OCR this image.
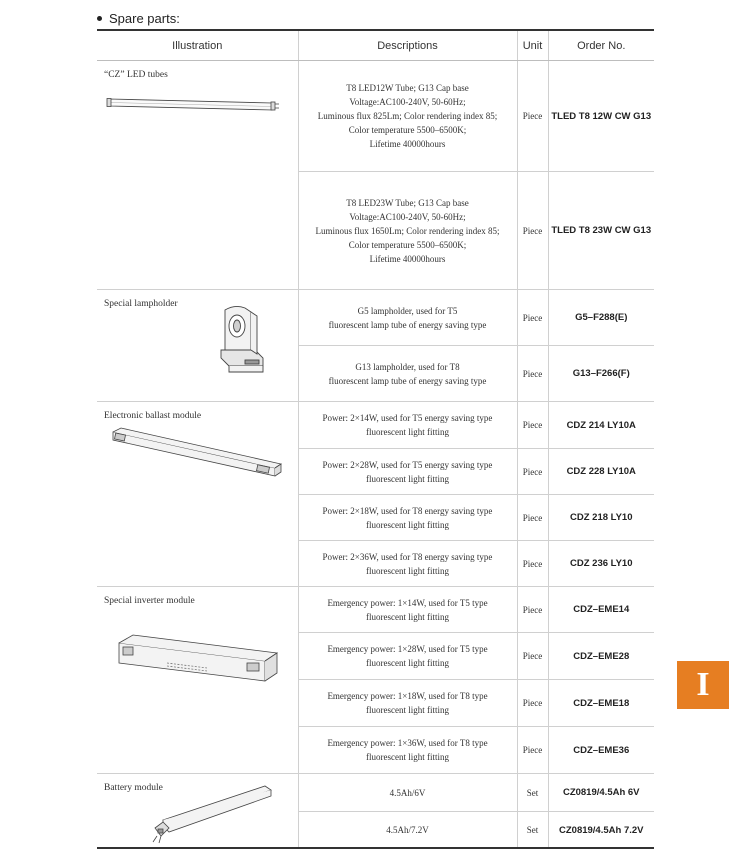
Spare parts:
Illustration	Descriptions	Unit	Order No.

“CZ” LED tubes	T8 LED12W Tube; G13 Cap base
Voltage:AC100-240V, 50-60Hz;
Luminous flux 825Lm; Color rendering index 85;
Color temperature 5500–6500K;
Lifetime 40000hours	Piece	TLED T8 12W CW G13
	T8 LED23W Tube; G13 Cap base
Voltage:AC100-240V, 50-60Hz;
Luminous flux 1650Lm; Color rendering index 85;
Color temperature 5500–6500K;
Lifetime 40000hours	Piece	TLED T8 23W CW G13

Special lampholder	G5 lampholder, used for T5
fluorescent lamp tube of energy saving type	Piece	G5–F288(E)
	G13 lampholder, used for T8
fluorescent lamp tube of energy saving type	Piece	G13–F266(F)

Electronic ballast module	Power: 2×14W, used for T5 energy saving type
fluorescent light fitting	Piece	CDZ 214 LY10A
	Power: 2×28W, used for T5 energy saving type
fluorescent light fitting	Piece	CDZ 228 LY10A
	Power: 2×18W, used for T8 energy saving type
fluorescent light fitting	Piece	CDZ 218 LY10
	Power: 2×36W, used for T8 energy saving type
fluorescent light fitting	Piece	CDZ 236 LY10

Special inverter module	Emergency power: 1×14W, used for T5 type
fluorescent light fitting	Piece	CDZ–EME14
	Emergency power: 1×28W, used for T5 type
fluorescent light fitting	Piece	CDZ–EME28
	Emergency power: 1×18W, used for T8 type
fluorescent light fitting	Piece	CDZ–EME18
	Emergency power: 1×36W, used for T8 type
fluorescent light fitting	Piece	CDZ–EME36

Battery module	4.5Ah/6V	Set	CZ0819/4.5Ah 6V
	4.5Ah/7.2V	Set	CZ0819/4.5Ah 7.2V
I
